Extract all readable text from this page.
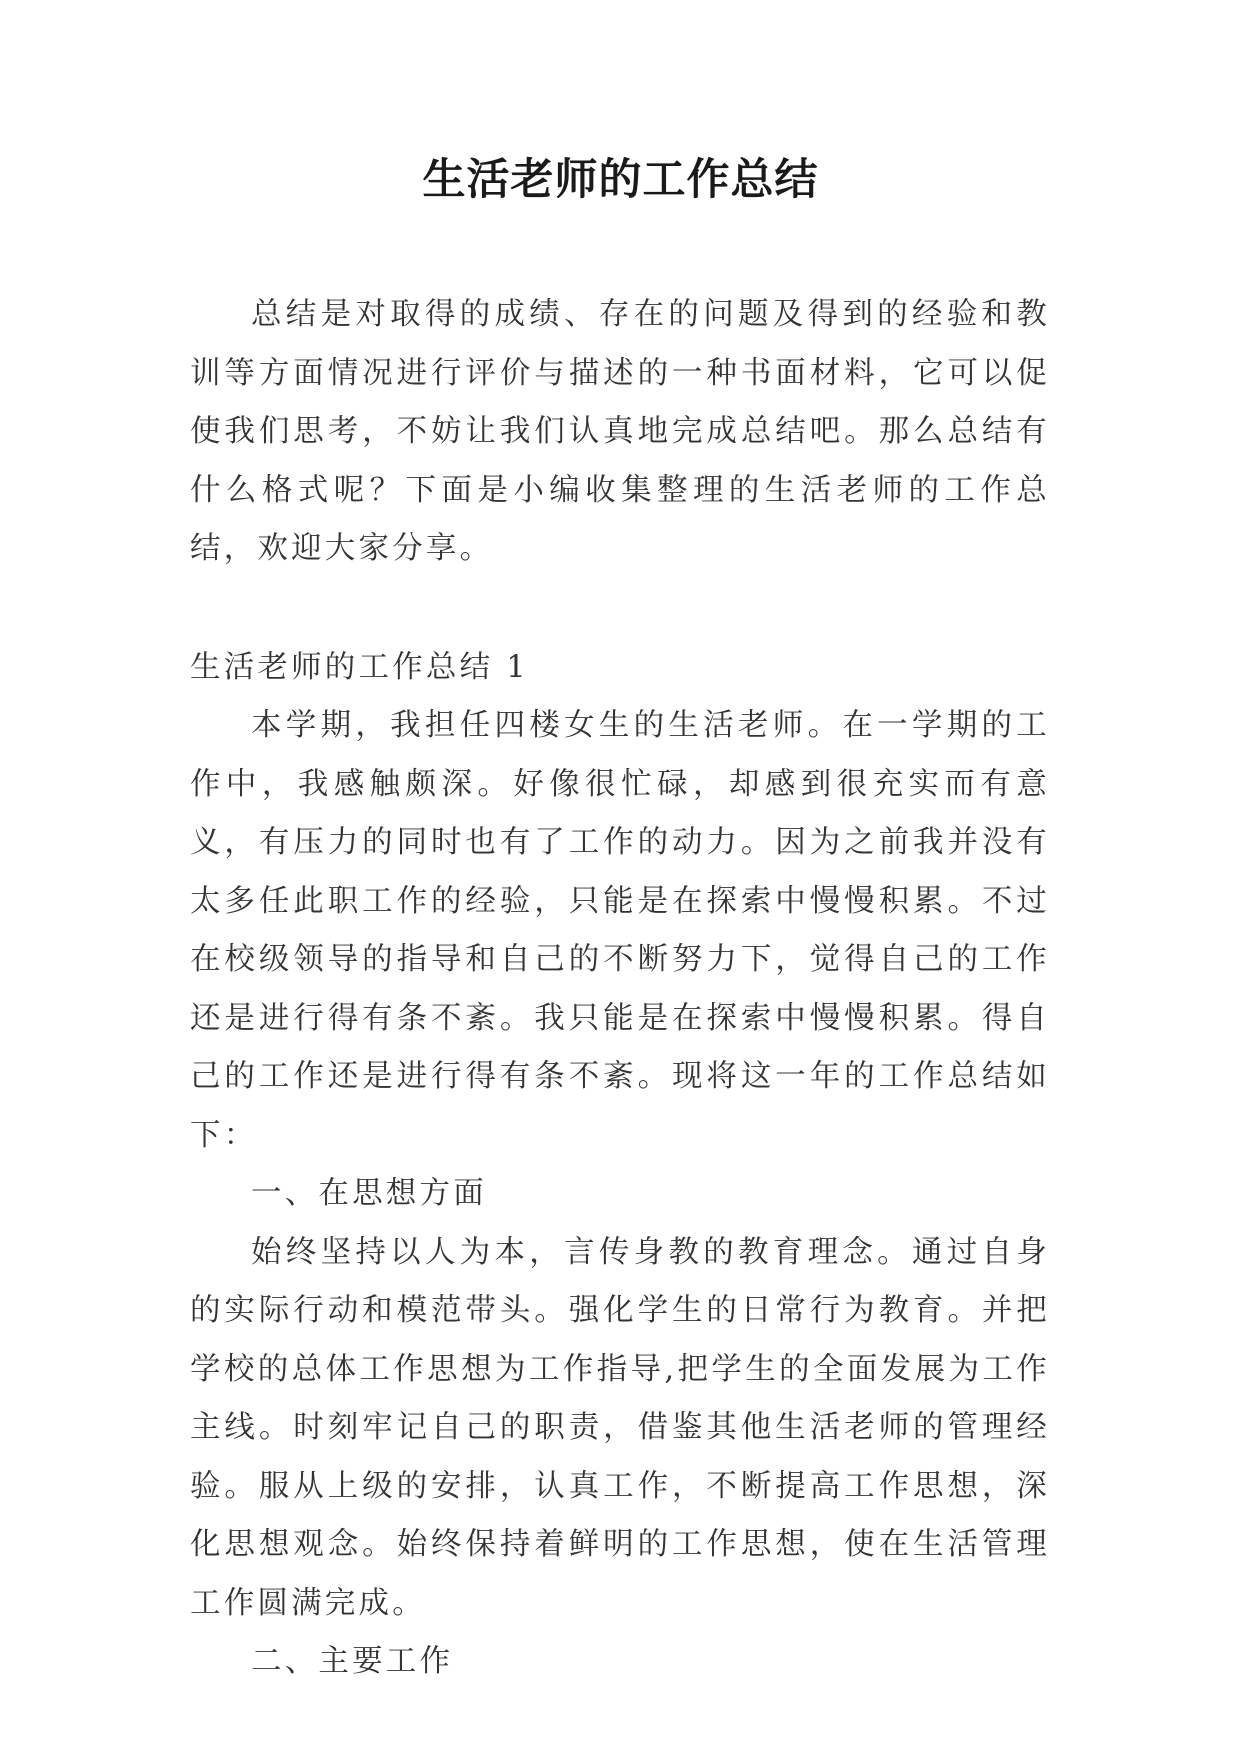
生活老师的工作总结

总结是对取得的成绩、存在的问题及得到的经验和教训等方面情况进行评价与描述的一种书面材料，它可以促使我们思考，不妨让我们认真地完成总结吧。那么总结有什么格式呢？下面是小编收集整理的生活老师的工作总结，欢迎大家分享。

生活老师的工作总结 1

本学期，我担任四楼女生的生活老师。在一学期的工作中，我感触颇深。好像很忙碌，却感到很充实而有意义，有压力的同时也有了工作的动力。因为之前我并没有太多任此职工作的经验，只能是在探索中慢慢积累。不过在校级领导的指导和自己的不断努力下，觉得自己的工作还是进行得有条不紊。我只能是在探索中慢慢积累。得自己的工作还是进行得有条不紊。现将这一年的工作总结如下：

一、在思想方面

始终坚持以人为本，言传身教的教育理念。通过自身的实际行动和模范带头。强化学生的日常行为教育。并把学校的总体工作思想为工作指导,把学生的全面发展为工作主线。时刻牢记自己的职责，借鉴其他生活老师的管理经验。服从上级的安排，认真工作，不断提高工作思想，深化思想观念。始终保持着鲜明的工作思想，使在生活管理工作圆满完成。

二、主要工作
